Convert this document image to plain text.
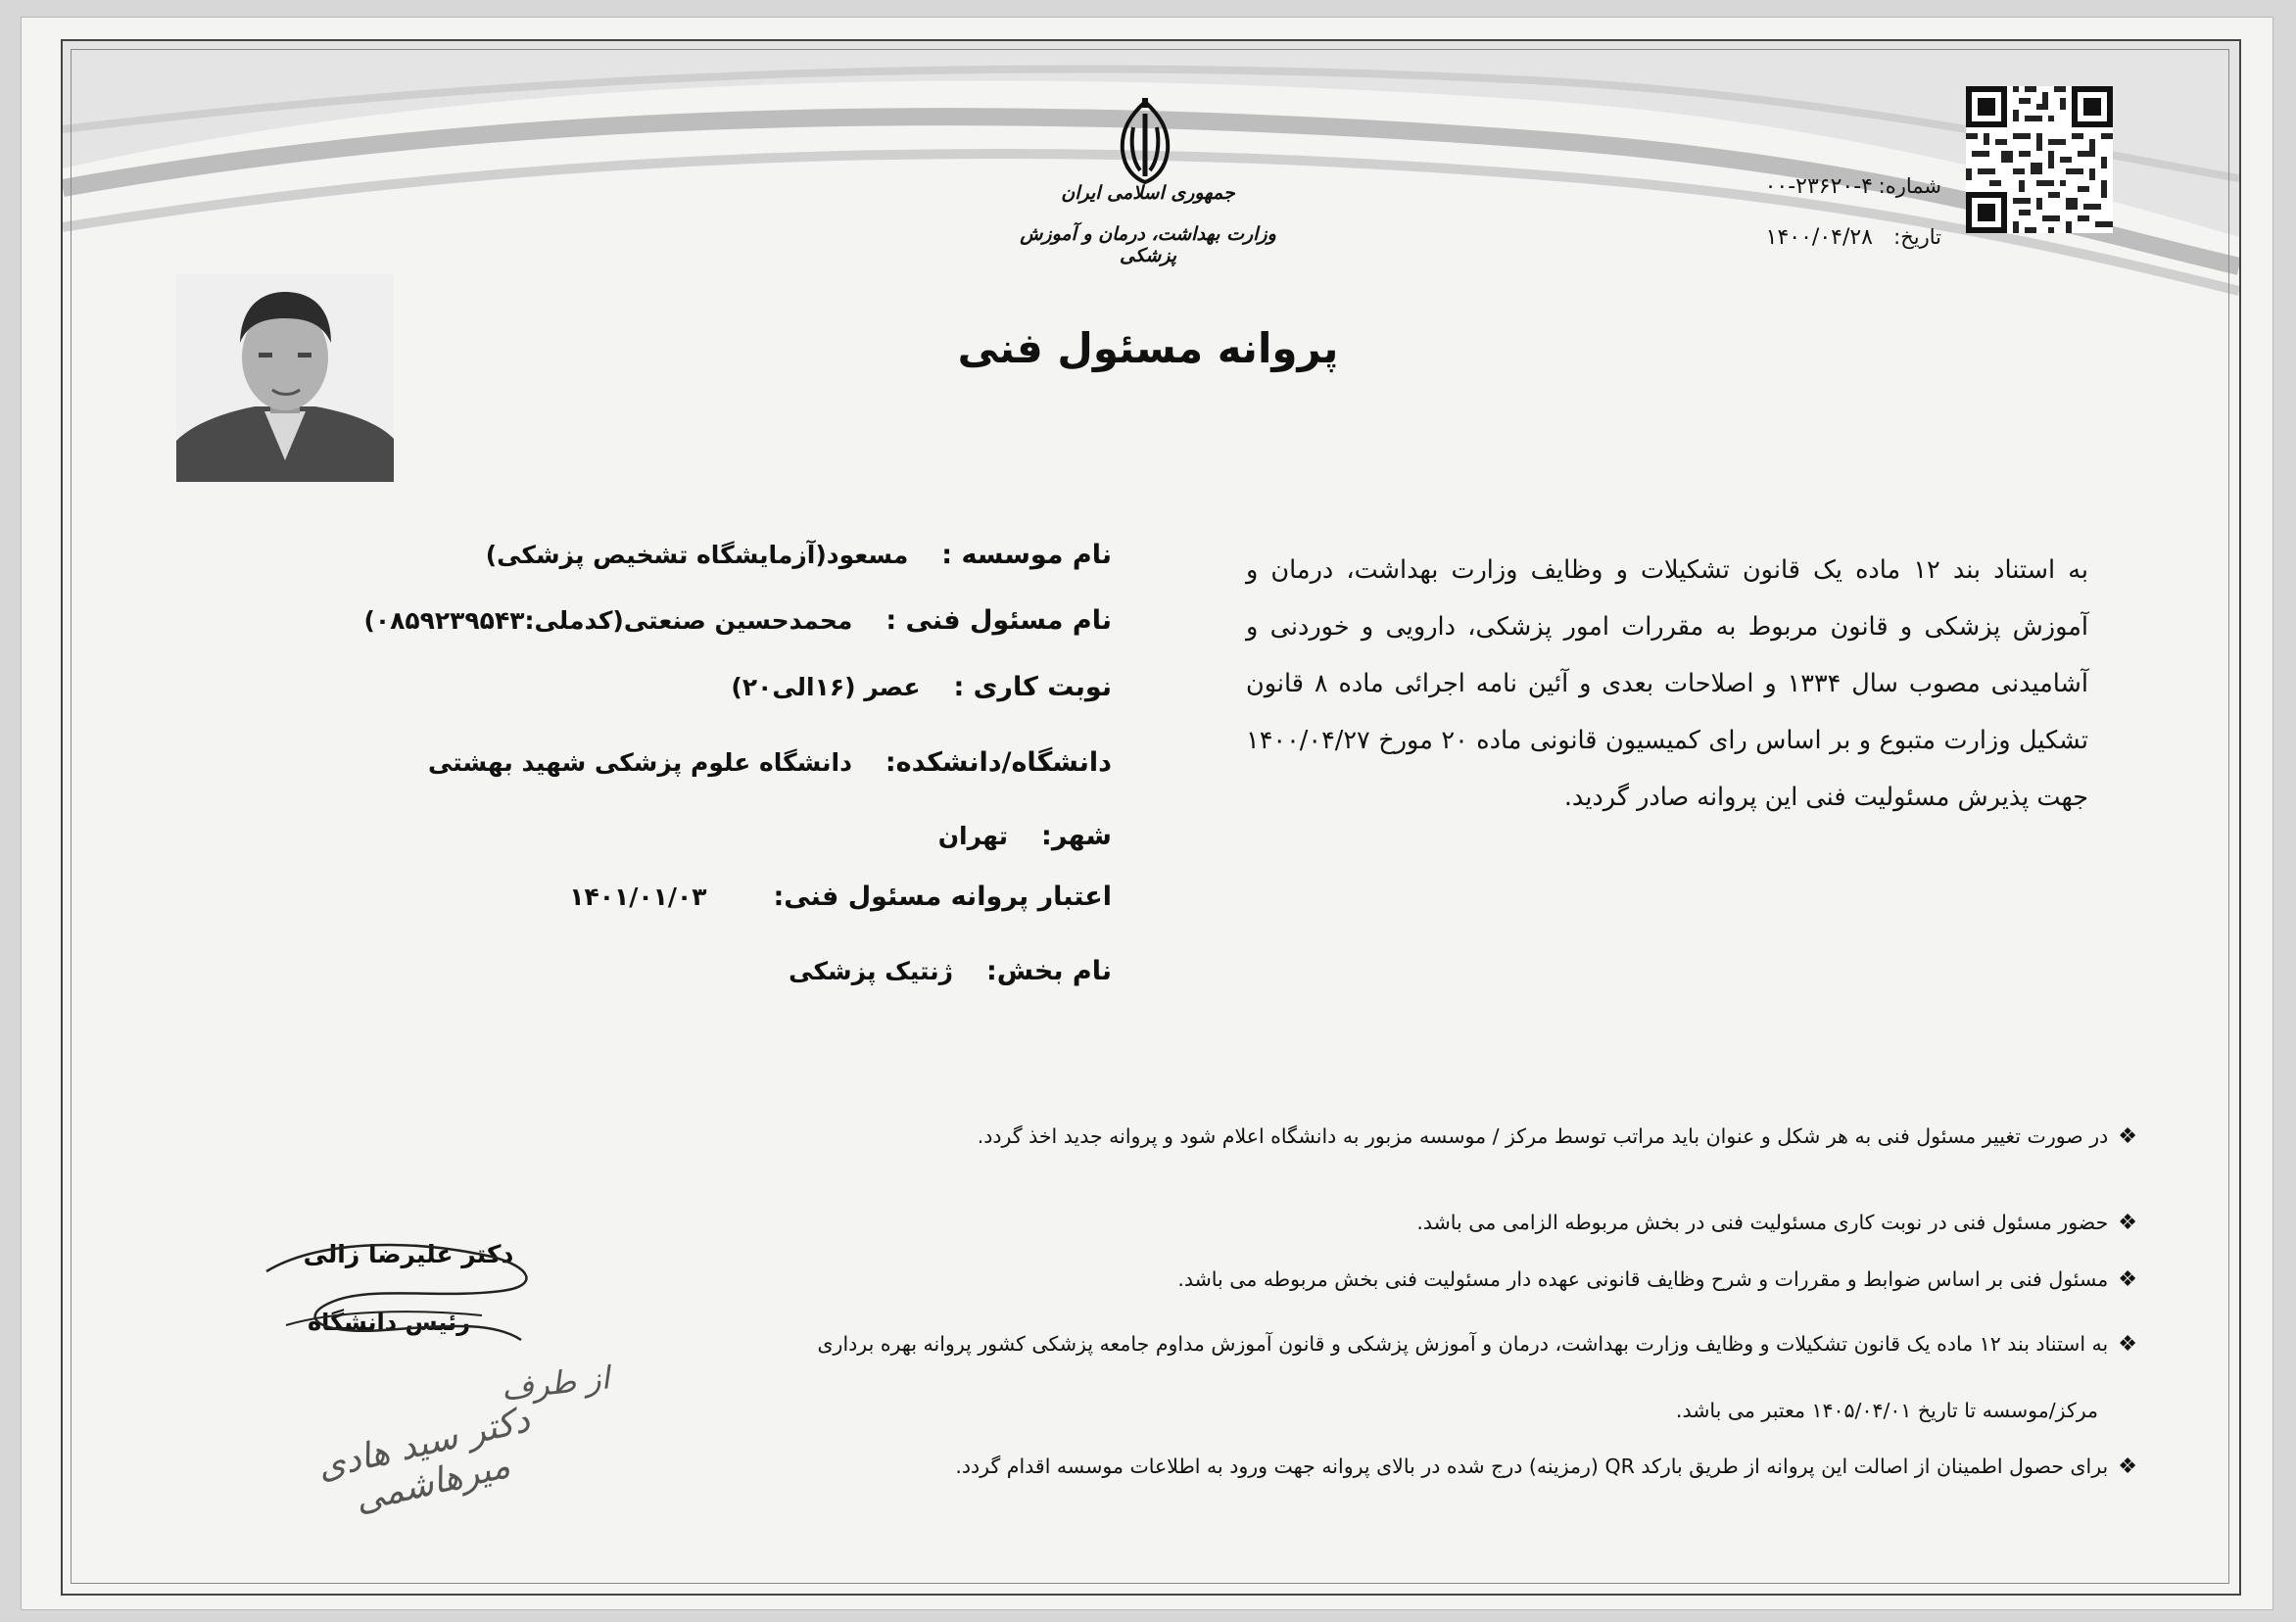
جمهوری اسلامی ایران
وزارت بهداشت، درمان و آموزش پزشکی
شماره:
۰۰-۲۳۶۲۰-۴
تاریخ:
۱۴۰۰/۰۴/۲۸
پروانه مسئول فنی
به استناد بند ۱۲ ماده یک قانون تشکیلات و وظایف وزارت بهداشت، درمان و آموزش پزشکی و قانون مربوط به مقررات امور پزشکی، دارویی و خوردنی و آشامیدنی مصوب سال ۱۳۳۴ و اصلاحات بعدی و آئین نامه اجرائی ماده ۸ قانون تشکیل وزارت متبوع و بر اساس رای کمیسیون قانونی ماده ۲۰ مورخ ۱۴۰۰/۰۴/۲۷ جهت پذیرش مسئولیت فنی این پروانه صادر گردید.
نام موسسه : مسعود(آزمایشگاه تشخیص پزشکی)
نام مسئول فنی : محمدحسین صنعتی(کدملی:۰۸۵۹۲۳۹۵۴۳)
نوبت کاری : عصر (۱۶الی۲۰)
دانشگاه/دانشکده: دانشگاه علوم پزشکی شهید بهشتی
شهر: تهران
اعتبار پروانه مسئول فنی: ۱۴۰۱/۰۱/۰۳
نام بخش: ژنتیک پزشکی
❖در صورت تغییر مسئول فنی به هر شکل و عنوان باید مراتب توسط مرکز / موسسه مزبور به دانشگاه اعلام شود و پروانه جدید اخذ گردد.
❖حضور مسئول فنی در نوبت کاری مسئولیت فنی در بخش مربوطه الزامی می باشد.
❖مسئول فنی بر اساس ضوابط و مقررات و شرح وظایف قانونی عهده دار مسئولیت فنی بخش مربوطه می باشد.
❖به استناد بند ۱۲ ماده یک قانون تشکیلات و وظایف وزارت بهداشت، درمان و آموزش پزشکی و قانون آموزش مداوم جامعه پزشکی کشور پروانه بهره برداری
مرکز/موسسه تا تاریخ ۱۴۰۵/۰۴/۰۱ معتبر می باشد.
❖برای حصول اطمینان از اصالت این پروانه از طریق بارکد QR (رمزینه) درج شده در بالای پروانه جهت ورود به اطلاعات موسسه اقدام گردد.
دکتر علیرضا زالی
رئیس دانشگاه
از طرف
دکتر سید هادی میرهاشمی
